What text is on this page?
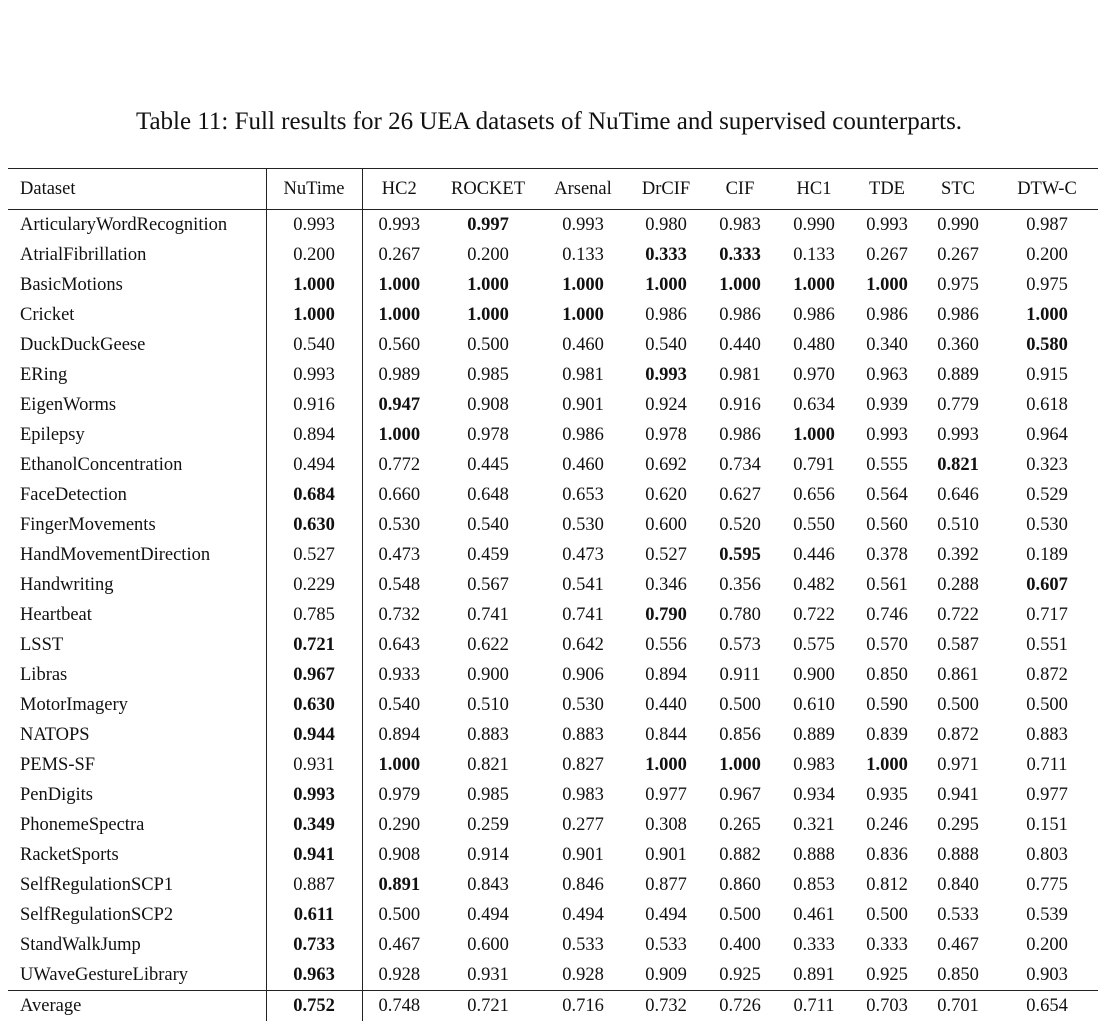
Table 11: Full results for 26 UEA datasets of NuTime and supervised counterparts.
Dataset	NuTime	HC2	ROCKET	Arsenal	DrCIF	CIF	HC1	TDE	STC	DTW-C
ArticularyWordRecognition	0.993	0.993	0.997	0.993	0.980	0.983	0.990	0.993	0.990	0.987
AtrialFibrillation	0.200	0.267	0.200	0.133	0.333	0.333	0.133	0.267	0.267	0.200
BasicMotions	1.000	1.000	1.000	1.000	1.000	1.000	1.000	1.000	0.975	0.975
Cricket	1.000	1.000	1.000	1.000	0.986	0.986	0.986	0.986	0.986	1.000
DuckDuckGeese	0.540	0.560	0.500	0.460	0.540	0.440	0.480	0.340	0.360	0.580
ERing	0.993	0.989	0.985	0.981	0.993	0.981	0.970	0.963	0.889	0.915
EigenWorms	0.916	0.947	0.908	0.901	0.924	0.916	0.634	0.939	0.779	0.618
Epilepsy	0.894	1.000	0.978	0.986	0.978	0.986	1.000	0.993	0.993	0.964
EthanolConcentration	0.494	0.772	0.445	0.460	0.692	0.734	0.791	0.555	0.821	0.323
FaceDetection	0.684	0.660	0.648	0.653	0.620	0.627	0.656	0.564	0.646	0.529
FingerMovements	0.630	0.530	0.540	0.530	0.600	0.520	0.550	0.560	0.510	0.530
HandMovementDirection	0.527	0.473	0.459	0.473	0.527	0.595	0.446	0.378	0.392	0.189
Handwriting	0.229	0.548	0.567	0.541	0.346	0.356	0.482	0.561	0.288	0.607
Heartbeat	0.785	0.732	0.741	0.741	0.790	0.780	0.722	0.746	0.722	0.717
LSST	0.721	0.643	0.622	0.642	0.556	0.573	0.575	0.570	0.587	0.551
Libras	0.967	0.933	0.900	0.906	0.894	0.911	0.900	0.850	0.861	0.872
MotorImagery	0.630	0.540	0.510	0.530	0.440	0.500	0.610	0.590	0.500	0.500
NATOPS	0.944	0.894	0.883	0.883	0.844	0.856	0.889	0.839	0.872	0.883
PEMS-SF	0.931	1.000	0.821	0.827	1.000	1.000	0.983	1.000	0.971	0.711
PenDigits	0.993	0.979	0.985	0.983	0.977	0.967	0.934	0.935	0.941	0.977
PhonemeSpectra	0.349	0.290	0.259	0.277	0.308	0.265	0.321	0.246	0.295	0.151
RacketSports	0.941	0.908	0.914	0.901	0.901	0.882	0.888	0.836	0.888	0.803
SelfRegulationSCP1	0.887	0.891	0.843	0.846	0.877	0.860	0.853	0.812	0.840	0.775
SelfRegulationSCP2	0.611	0.500	0.494	0.494	0.494	0.500	0.461	0.500	0.533	0.539
StandWalkJump	0.733	0.467	0.600	0.533	0.533	0.400	0.333	0.333	0.467	0.200
UWaveGestureLibrary	0.963	0.928	0.931	0.928	0.909	0.925	0.891	0.925	0.850	0.903
Average	0.752	0.748	0.721	0.716	0.732	0.726	0.711	0.703	0.701	0.654
